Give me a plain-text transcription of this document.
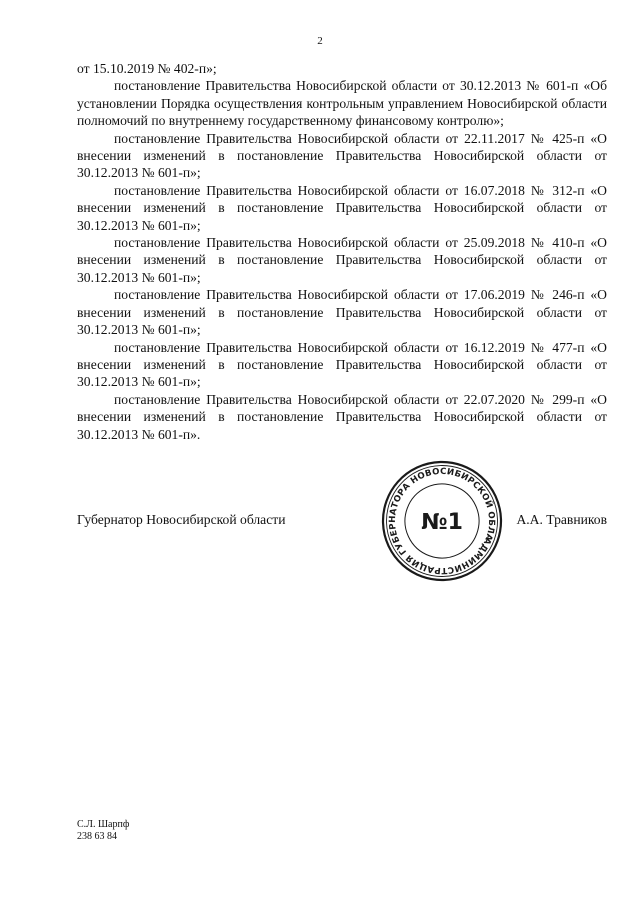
2

от 15.10.2019 № 402-п»;

постановление Правительства Новосибирской области от 30.12.2013 № 601-п «Об установлении Порядка осуществления контрольным управлением Новосибирской области полномочий по внутреннему государственному финансовому контролю»;

постановление Правительства Новосибирской области от 22.11.2017 № 425-п «О внесении изменений в постановление Правительства Новосибирской области от 30.12.2013 № 601-п»;

постановление Правительства Новосибирской области от 16.07.2018 № 312-п «О внесении изменений в постановление Правительства Новосибирской области от 30.12.2013 № 601-п»;

постановление Правительства Новосибирской области от 25.09.2018 № 410-п «О внесении изменений в постановление Правительства Новосибирской области от 30.12.2013 № 601-п»;

постановление Правительства Новосибирской области от 17.06.2019 № 246-п «О внесении изменений в постановление Правительства Новосибирской области от 30.12.2013 № 601-п»;

постановление Правительства Новосибирской области от 16.12.2019 № 477-п «О внесении изменений в постановление Правительства Новосибирской области от 30.12.2013 № 601-п»;

постановление Правительства Новосибирской области от 22.07.2020 № 299-п «О внесении изменений в постановление Правительства Новосибирской области от 30.12.2013 № 601-п».

Губернатор Новосибирской области	А.А. Травников
АДМИНИСТРАЦИЯ ГУБЕРНАТОРА НОВОСИБИРСКОЙ ОБЛАСТИ
№1
С.Л. Шарпф
238 63 84
